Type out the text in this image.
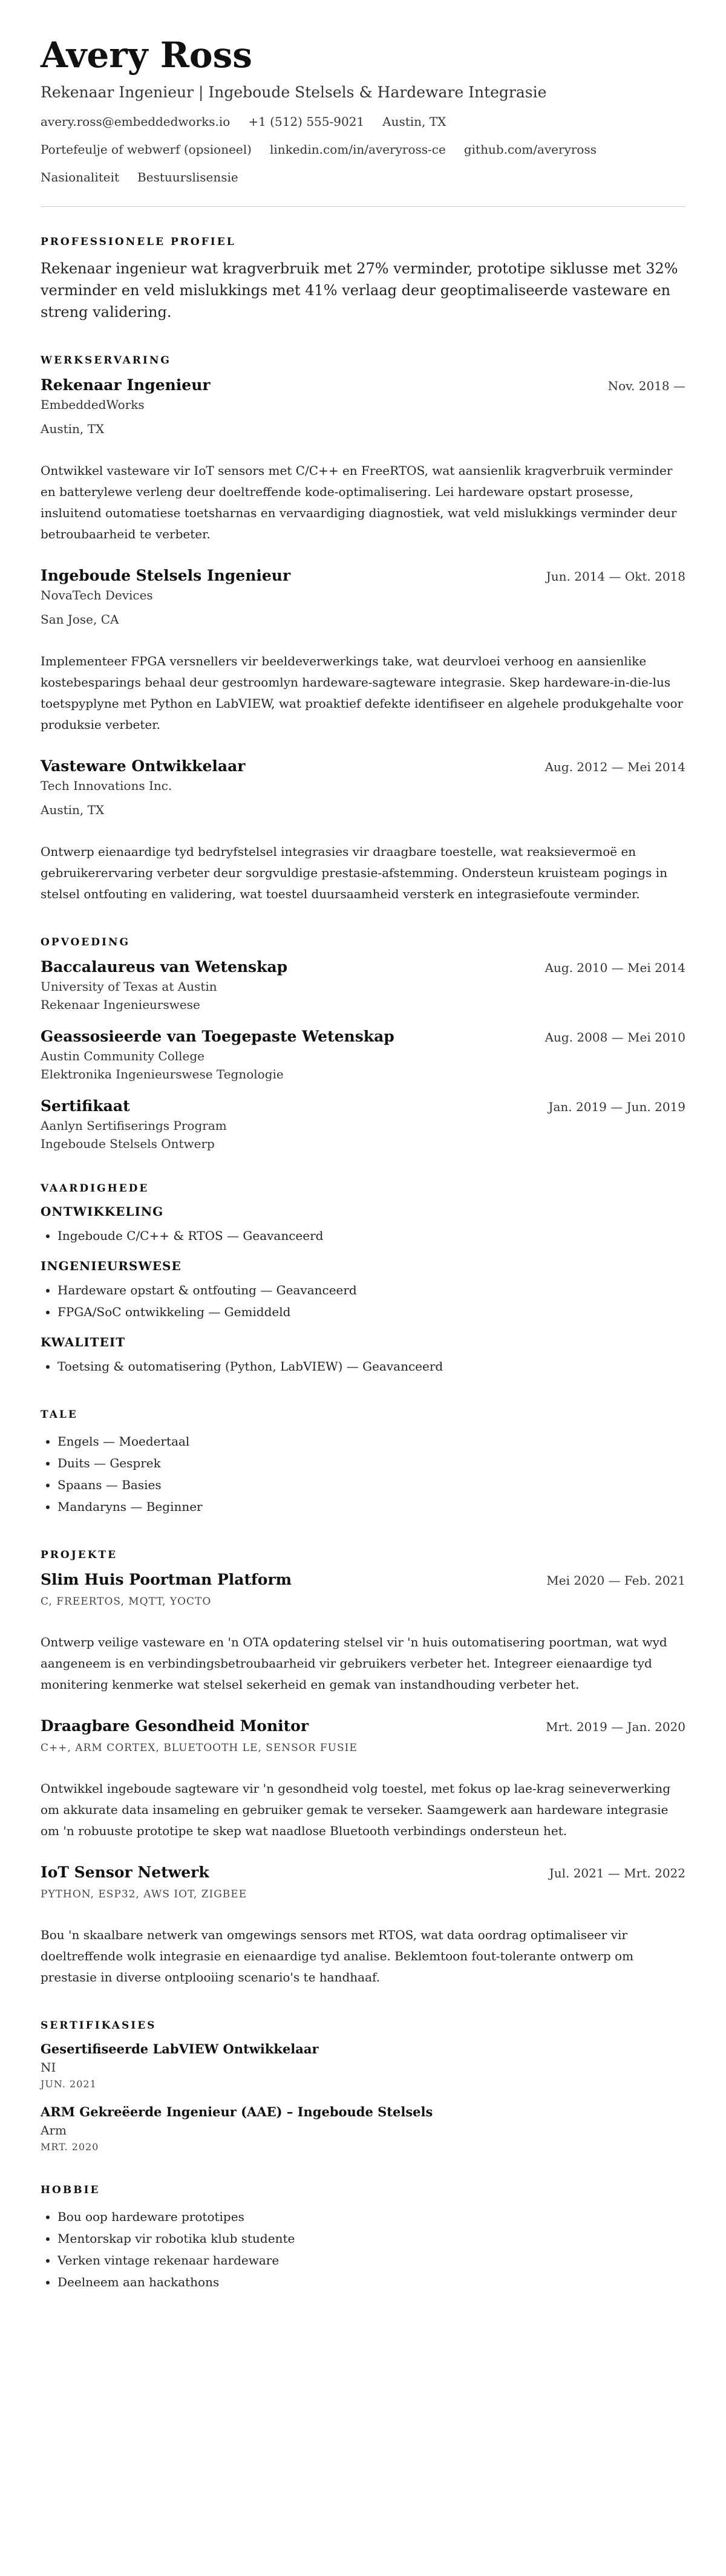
Avery Ross
Rekenaar Ingenieur | Ingeboude Stelsels & Hardeware Integrasie
avery.ross@embeddedworks.io +1 (512) 555-9021 Austin, TX
Portefeulje of webwerf (opsioneel) linkedin.com/in/averyross-ce github.com/averyross
Nasionaliteit Bestuurslisensie
PROFESSIONELE PROFIEL
Rekenaar ingenieur wat kragverbruik met 27% verminder, prototipe siklusse met 32% verminder en veld mislukkings met 41% verlaag deur geoptimaliseerde vasteware en streng validering.
WERKSERVARING
Rekenaar Ingenieur	Nov. 2018 —
EmbeddedWorks
Austin, TX
Ontwikkel vasteware vir IoT sensors met C/C++ en FreeRTOS, wat aansienlik kragverbruik verminder en batterylewe verleng deur doeltreffende kode-optimalisering. Lei hardeware opstart prosesse, insluitend outomatiese toetsharnas en vervaardiging diagnostiek, wat veld mislukkings verminder deur betroubaarheid te verbeter.
Ingeboude Stelsels Ingenieur	Jun. 2014 — Okt. 2018
NovaTech Devices
San Jose, CA
Implementeer FPGA versnellers vir beeldeverwerkings take, wat deurvloei verhoog en aansienlike kostebesparings behaal deur gestroomlyn hardeware-sagteware integrasie. Skep hardeware-in-die-lus toetspyplyne met Python en LabVIEW, wat proaktief defekte identifiseer en algehele produkgehalte voor produksie verbeter.
Vasteware Ontwikkelaar	Aug. 2012 — Mei 2014
Tech Innovations Inc.
Austin, TX
Ontwerp eienaardige tyd bedryfstelsel integrasies vir draagbare toestelle, wat reaksievermoë en gebruikerervaring verbeter deur sorgvuldige prestasie-afstemming. Ondersteun kruisteam pogings in stelsel ontfouting en validering, wat toestel duursaamheid versterk en integrasiefoute verminder.
OPVOEDING
Baccalaureus van Wetenskap	Aug. 2010 — Mei 2014
University of Texas at Austin
Rekenaar Ingenieurswese
Geassosieerde van Toegepaste Wetenskap	Aug. 2008 — Mei 2010
Austin Community College
Elektronika Ingenieurswese Tegnologie
Sertifikaat	Jan. 2019 — Jun. 2019
Aanlyn Sertifiserings Program
Ingeboude Stelsels Ontwerp
VAARDIGHEDE
ONTWIKKELING
• Ingeboude C/C++ & RTOS — Geavanceerd
INGENIEURSWESE
• Hardeware opstart & ontfouting — Geavanceerd
• FPGA/SoC ontwikkeling — Gemiddeld
KWALITEIT
• Toetsing & outomatisering (Python, LabVIEW) — Geavanceerd
TALE
• Engels — Moedertaal
• Duits — Gesprek
• Spaans — Basies
• Mandaryns — Beginner
PROJEKTE
Slim Huis Poortman Platform	Mei 2020 — Feb. 2021
C, FREERTOS, MQTT, YOCTO
Ontwerp veilige vasteware en 'n OTA opdatering stelsel vir 'n huis outomatisering poortman, wat wyd aangeneem is en verbindingsbetroubaarheid vir gebruikers verbeter het. Integreer eienaardige tyd monitering kenmerke wat stelsel sekerheid en gemak van instandhouding verbeter het.
Draagbare Gesondheid Monitor	Mrt. 2019 — Jan. 2020
C++, ARM CORTEX, BLUETOOTH LE, SENSOR FUSIE
Ontwikkel ingeboude sagteware vir 'n gesondheid volg toestel, met fokus op lae-krag seineverwerking om akkurate data insameling en gebruiker gemak te verseker. Saamgewerk aan hardeware integrasie om 'n robuuste prototipe te skep wat naadlose Bluetooth verbindings ondersteun het.
IoT Sensor Netwerk	Jul. 2021 — Mrt. 2022
PYTHON, ESP32, AWS IOT, ZIGBEE
Bou 'n skaalbare netwerk van omgewings sensors met RTOS, wat data oordrag optimaliseer vir doeltreffende wolk integrasie en eienaardige tyd analise. Beklemtoon fout-tolerante ontwerp om prestasie in diverse ontplooiing scenario's te handhaaf.
SERTIFIKASIES
Gesertifiseerde LabVIEW Ontwikkelaar
NI
JUN. 2021
ARM Gekreëerde Ingenieur (AAE) – Ingeboude Stelsels
Arm
MRT. 2020
HOBBIE
• Bou oop hardeware prototipes
• Mentorskap vir robotika klub studente
• Verken vintage rekenaar hardeware
• Deelneem aan hackathons
